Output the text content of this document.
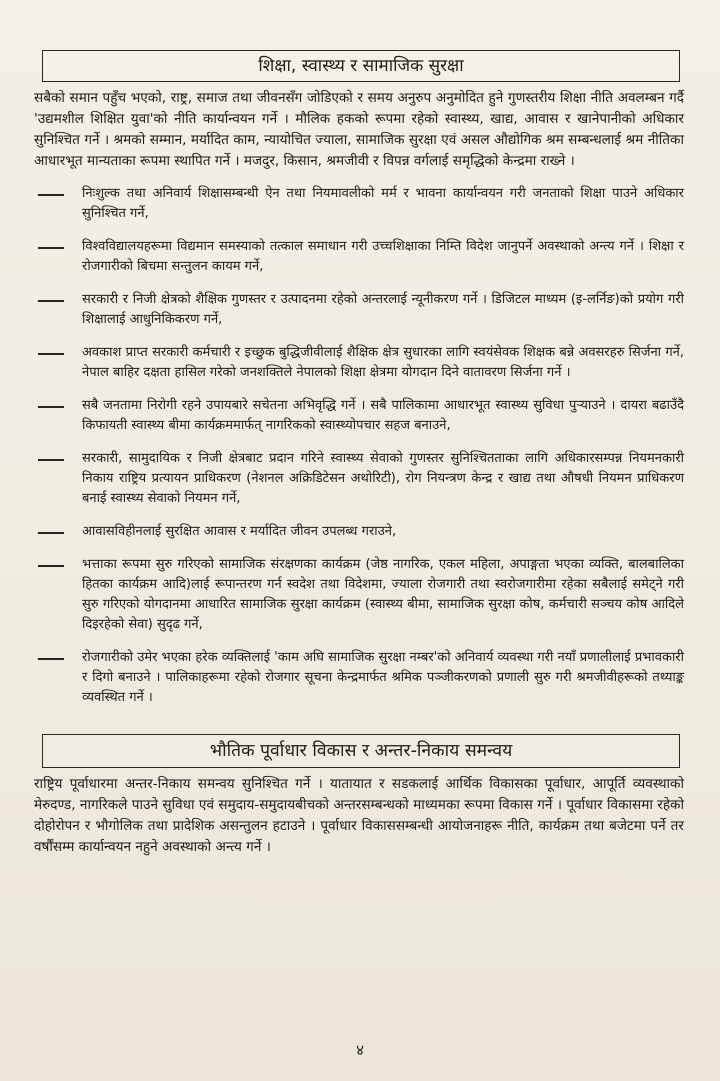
शिक्षा, स्वास्थ्य र सामाजिक सुरक्षा

सबैको समान पहुँच भएको, राष्ट्र, समाज तथा जीवनसँग जोडिएको र समय अनुरुप अनुमोदित हुने गुणस्तरीय शिक्षा नीति अवलम्बन गर्दै 'उद्यमशील शिक्षित युवा'को नीति कार्यान्वयन गर्ने । मौलिक हकको रूपमा रहेको स्वास्थ्य, खाद्य, आवास र खानेपानीको अधिकार सुनिश्चित गर्ने । श्रमको सम्मान, मर्यादित काम, न्यायोचित ज्याला, सामाजिक सुरक्षा एवं असल औद्योगिक श्रम सम्बन्धलाई श्रम नीतिका आधारभूत मान्यताका रूपमा स्थापित गर्ने । मजदुर, किसान, श्रमजीवी र विपन्न वर्गलाई समृद्धिको केन्द्रमा राख्ने ।

निःशुल्क तथा अनिवार्य शिक्षासम्बन्धी ऐन तथा नियमावलीको मर्म र भावना कार्यान्वयन गरी जनताको शिक्षा पाउने अधिकार सुनिश्चित गर्ने,
विश्वविद्यालयहरूमा विद्यमान समस्याको तत्काल समाधान गरी उच्चशिक्षाका निम्ति विदेश जानुपर्ने अवस्थाको अन्त्य गर्ने । शिक्षा र रोजगारीको बिचमा सन्तुलन कायम गर्ने,
सरकारी र निजी क्षेत्रको शैक्षिक गुणस्तर र उत्पादनमा रहेको अन्तरलाई न्यूनीकरण गर्ने । डिजिटल माध्यम (इ-लर्निङ)को प्रयोग गरी शिक्षालाई आधुनिकिकरण गर्ने,
अवकाश प्राप्त सरकारी कर्मचारी र इच्छुक बुद्धिजीवीलाई शैक्षिक क्षेत्र सुधारका लागि स्वयंसेवक शिक्षक बन्ने अवसरहरु सिर्जना गर्ने, नेपाल बाहिर दक्षता हासिल गरेको जनशक्तिले नेपालको शिक्षा क्षेत्रमा योगदान दिने वातावरण सिर्जना गर्ने ।
सबै जनतामा निरोगी रहने उपायबारे सचेतना अभिवृद्धि गर्ने । सबै पालिकामा आधारभूत स्वास्थ्य सुविधा पुऱ्याउने । दायरा बढाउँदै किफायती स्वास्थ्य बीमा कार्यक्रममार्फत् नागरिकको स्वास्थ्योपचार सहज बनाउने,
सरकारी, सामुदायिक र निजी क्षेत्रबाट प्रदान गरिने स्वास्थ्य सेवाको गुणस्तर सुनिश्चितताका लागि अधिकारसम्पन्न नियमनकारी निकाय राष्ट्रिय प्रत्यायन प्राधिकरण (नेशनल अक्रिडिटेसन अथोरिटी), रोग नियन्त्रण केन्द्र र खाद्य तथा औषधी नियमन प्राधिकरण बनाई स्वास्थ्य सेवाको नियमन गर्ने,
आवासविहीनलाई सुरक्षित आवास र मर्यादित जीवन उपलब्ध गराउने,
भत्ताका रूपमा सुरु गरिएको सामाजिक संरक्षणका कार्यक्रम (जेष्ठ नागरिक, एकल महिला, अपाङ्गता भएका व्यक्ति, बालबालिका हितका कार्यक्रम आदि)लाई रूपान्तरण गर्न स्वदेश तथा विदेशमा, ज्याला रोजगारी तथा स्वरोजगारीमा रहेका सबैलाई समेट्ने गरी सुरु गरिएको योगदानमा आधारित सामाजिक सुरक्षा कार्यक्रम (स्वास्थ्य बीमा, सामाजिक सुरक्षा कोष, कर्मचारी सञ्चय कोष आदिले दिइरहेको सेवा) सुदृढ गर्ने,
रोजगारीको उमेर भएका हरेक व्यक्तिलाई 'काम अघि सामाजिक सुरक्षा नम्बर'को अनिवार्य व्यवस्था गरी नयाँ प्रणालीलाई प्रभावकारी र दिगो बनाउने । पालिकाहरूमा रहेको रोजगार सूचना केन्द्रमार्फत श्रमिक पञ्जीकरणको प्रणाली सुरु गरी श्रमजीवीहरूको तथ्याङ्क व्यवस्थित गर्ने ।
भौतिक पूर्वाधार विकास र अन्तर-निकाय समन्वय

राष्ट्रिय पूर्वाधारमा अन्तर-निकाय समन्वय सुनिश्चित गर्ने । यातायात र सडकलाई आर्थिक विकासका पूर्वाधार, आपूर्ति व्यवस्थाको मेरुदण्ड, नागरिकले पाउने सुविधा एवं समुदाय-समुदायबीचको अन्तरसम्बन्धको माध्यमका रूपमा विकास गर्ने । पूर्वाधार विकासमा रहेको दोहोरोपन र भौगोलिक तथा प्रादेशिक असन्तुलन हटाउने । पूर्वाधार विकाससम्बन्धी आयोजनाहरू नीति, कार्यक्रम तथा बजेटमा पर्ने तर वर्षौंसम्म कार्यान्वयन नहुने अवस्थाको अन्त्य गर्ने ।

४
